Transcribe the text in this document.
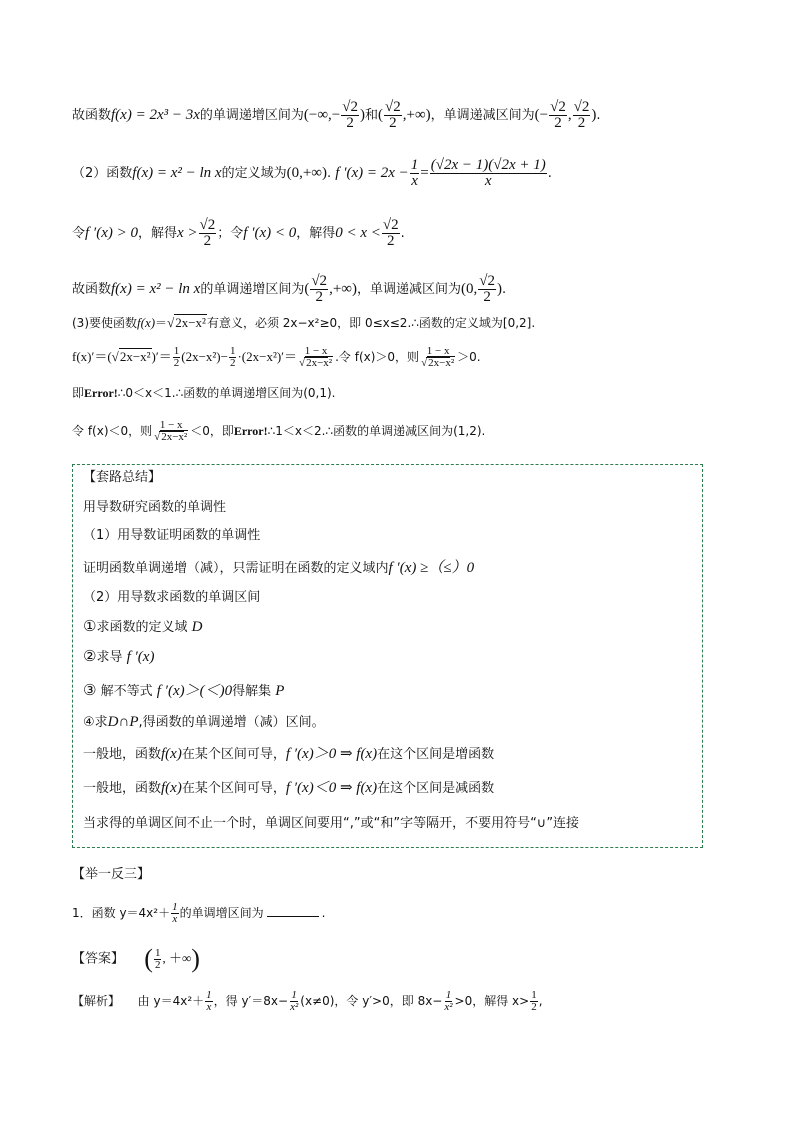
故函数f(x) = 2x³ − 3x的单调递增区间为(−∞,− $\frac{√2}{2}$ )和( $\frac{√2}{2}$ ,+∞)，单调递减区间为(− $\frac{√2}{2}$ , $\frac{√2}{2}$ ).
（2）函数f(x) = x² − ln x的定义域为(0,+∞). f $'(x) = 2x - \frac{1}{x} = \frac{(√2x - 1)(√2x + 1)}{x}$ .
令f ′(x) > 0，解得$x > \frac{√2}{2}$ ；令f ′(x) < 0，解得$0 < x < \frac{√2}{2}$ .
故函数f(x) = x² − ln x的单调递增区间为( $\frac{√2}{2}$ ,+∞)，单调递减区间为(0, $\frac{√2}{2}$ ).
(3)要使函数f(x)＝√2x−x²有意义，必须 2x−x²≥0，即 0≤x≤2.∴函数的定义域为[0,2].
$f(x)'=(√2x-x^2)'= \frac{1}{2} (2x-x^2)- \frac{1}{2} \cdot(2x-x^2)'= \frac{1 - x}{\text{√2x−x²}}$ .令 f(x)＞0，则 $\frac{1 - x}{\text{√2x−x²}} >0$.
即Error!∴0＜x＜1.∴函数的单调递增区间为(0,1).
令 f(x)＜0，则 $\frac{1 - x}{\text{√2x−x²}} <0$，即Error!∴1＜x＜2.∴函数的单调递减区间为(1,2).
【套路总结】
用导数研究函数的单调性
（1）用导数证明函数的单调性
证明函数单调递增（减），只需证明在函数的定义域内f ′(x) ≥（≤）0
（2）用导数求函数的单调区间
①求函数的定义域 D
②求导 f ′(x)
③ 解不等式 f ′(x)＞(＜)0得解集 P
④求D∩P,得函数的单调递增（减）区间。
一般地，函数f(x)在某个区间可导，f ′(x)＞0 ⇒ f(x)在这个区间是增函数
一般地，函数f(x)在某个区间可导，f ′(x)＜0 ⇒ f(x)在这个区间是减函数
当求得的单调区间不止一个时，单调区间要用“,”或“和”字等隔开，不要用符号“∪”连接
【举一反三】
1．函数 $y=4x^2+ \frac{1}{x}$ 的单调增区间为	.
【答案】 ( $\frac{1}{2}$ , ＋∞)
【解析】 由 $y=4x^2+ \frac{1}{x}$ ，得 $y'=8x- \frac{1}{\text{x²}} (x\ne 0)$，令 y′>0，即 $8x- \frac{1}{\text{x²}} >0$，解得 $x> \frac{1}{2}$ ,
